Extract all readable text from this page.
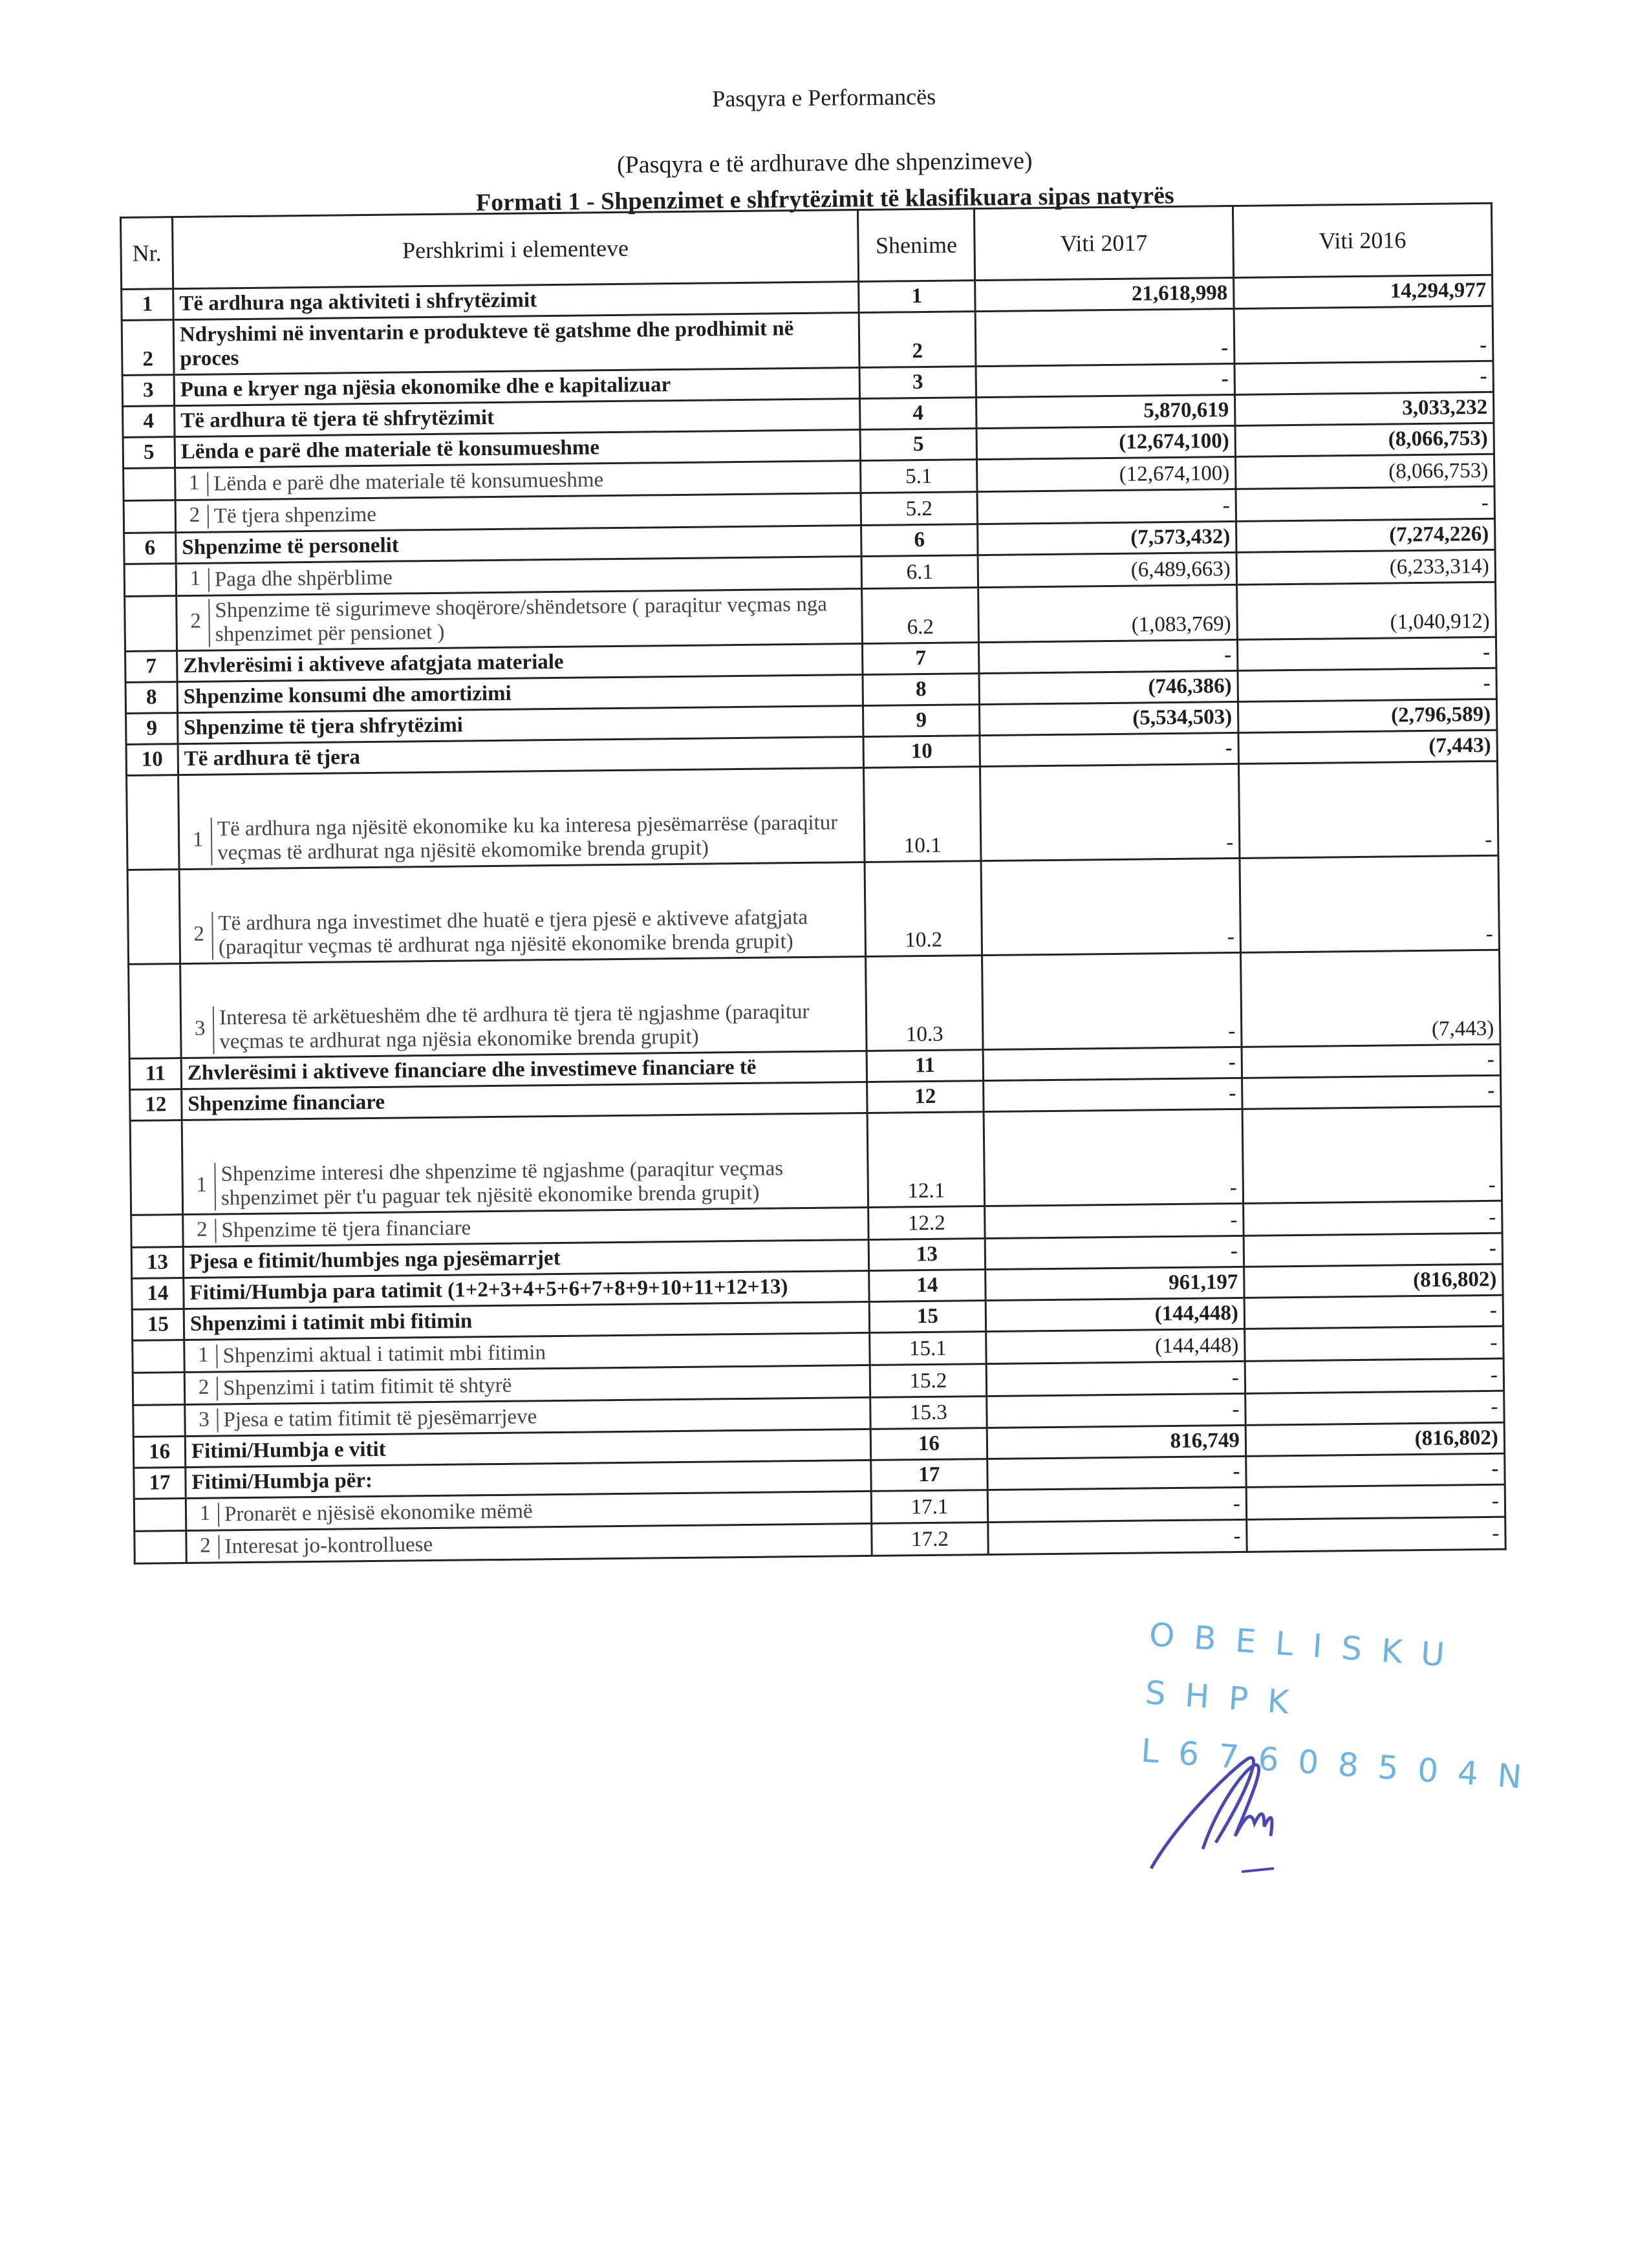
Pasqyra e Performancës
(Pasqyra e të ardhurave dhe shpenzimeve)
Formati 1 - Shpenzimet e shfrytëzimit të klasifikuara sipas natyrës
Nr.	Pershkrimi i elementeve	Shenime	Viti 2017	Viti 2016
1	Të ardhura nga aktiviteti i shfrytëzimit	1	21,618,998	14,294,977
2	Ndryshimi në inventarin e produkteve të gatshme dhe prodhimit në proces	2	-	-
3	Puna e kryer nga njësia ekonomike dhe e kapitalizuar	3	-	-
4	Të ardhura të tjera të shfrytëzimit	4	5,870,619	3,033,232
5	Lënda e parë dhe materiale të konsumueshme	5	(12,674,100)	(8,066,753)
	1 Lënda e parë dhe materiale të konsumueshme	5.1	(12,674,100)	(8,066,753)
	2 Të tjera shpenzime	5.2	-	-
6	Shpenzime të personelit	6	(7,573,432)	(7,274,226)
	1 Paga dhe shpërblime	6.1	(6,489,663)	(6,233,314)
	2 Shpenzime të sigurimeve shoqërore/shëndetsore ( paraqitur veçmas nga shpenzimet për pensionet )	6.2	(1,083,769)	(1,040,912)
7	Zhvlerësimi i aktiveve afatgjata materiale	7	-	-
8	Shpenzime konsumi dhe amortizimi	8	(746,386)	-
9	Shpenzime të tjera shfrytëzimi	9	(5,534,503)	(2,796,589)
10	Të ardhura të tjera	10	-	(7,443)
	1 Të ardhura nga njësitë ekonomike ku ka interesa pjesëmarrëse (paraqitur veçmas të ardhurat nga njësitë ekomomike brenda grupit)	10.1	-	-
	2 Të ardhura nga investimet dhe huatë e tjera pjesë e aktiveve afatgjata (paraqitur veçmas të ardhurat nga njësitë ekonomike brenda grupit)	10.2	-	-
	3 Interesa të arkëtueshëm dhe të ardhura të tjera të ngjashme (paraqitur veçmas te ardhurat nga njësia ekonomike brenda grupit)	10.3	-	(7,443)
11	Zhvlerësimi i aktiveve financiare dhe investimeve financiare të	11	-	-
12	Shpenzime financiare	12	-	-
	1 Shpenzime interesi dhe shpenzime të ngjashme (paraqitur veçmas shpenzimet për t'u paguar tek njësitë ekonomike brenda grupit)	12.1	-	-
	2 Shpenzime të tjera financiare	12.2	-	-
13	Pjesa e fitimit/humbjes nga pjesëmarrjet	13	-	-
14	Fitimi/Humbja para tatimit (1+2+3+4+5+6+7+8+9+10+11+12+13)	14	961,197	(816,802)
15	Shpenzimi i tatimit mbi fitimin	15	(144,448)	-
	1 Shpenzimi aktual i tatimit mbi fitimin	15.1	(144,448)	-
	2 Shpenzimi i tatim fitimit të shtyrë	15.2	-	-
	3 Pjesa e tatim fitimit të pjesëmarrjeve	15.3	-	-
16	Fitimi/Humbja e vitit	16	816,749	(816,802)
17	Fitimi/Humbja për:	17	-	-
	1 Pronarët e njësisë ekonomike mëmë	17.1	-	-
	2 Interesat jo-kontrolluese	17.2	-	-
OBELISKU SHPK
L67608504N
